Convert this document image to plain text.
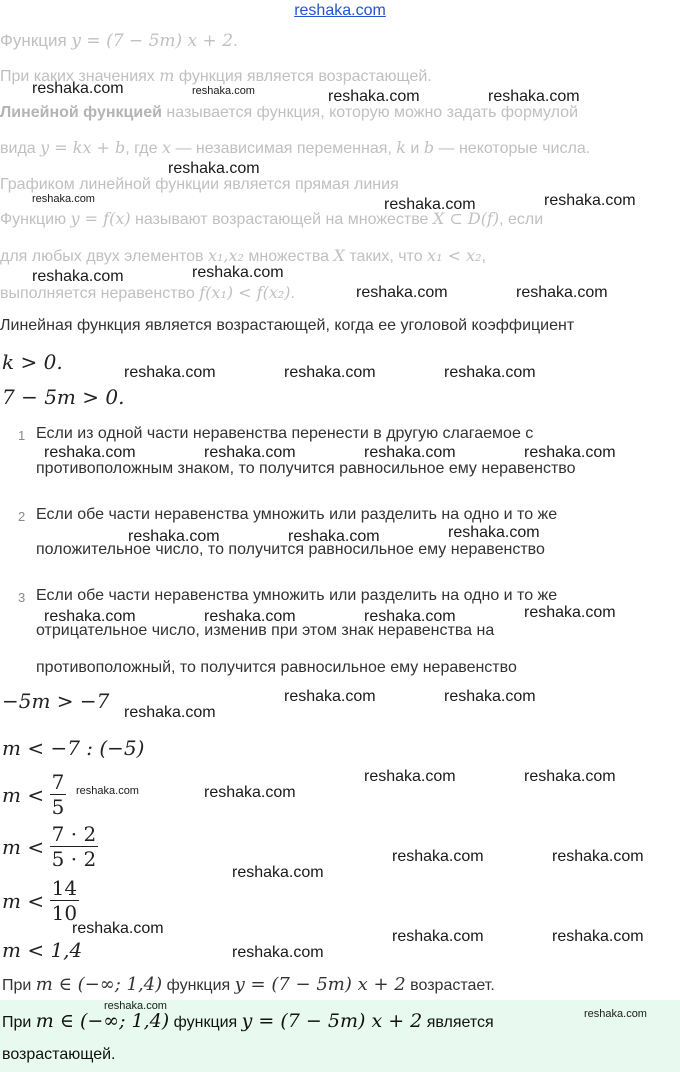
reshaka.com
Функция y = (7 − 5m) x + 2.
При каких значениях m функция является возрастающей.
Линейной функцией называется функция, которую можно задать формулой
вида y = kx + b, где x — независимая переменная, k и b — некоторые числа.
Графиком линейной функции является прямая линия
Функцию y = f(x) называют возрастающей на множестве X ⊂ D(f), если
для любых двух элементов x₁,x₂ множества X таких, что x₁ < x₂,
выполняется неравенство f(x₁) < f(x₂).
Линейная функция является возрастающей, когда ее уголовой коэффициент
k > 0.
7 − 5m > 0.
1 Если из одной части неравенства перенести в другую слагаемое с
противоположным знаком, то получится равносильное ему неравенство
2 Если обе части неравенства умножить или разделить на одно и то же
положительное число, то получится равносильное ему неравенство
3 Если обе части неравенства умножить или разделить на одно и то же
отрицательное число, изменив при этом знак неравенства на
противоположный, то получится равносильное ему неравенство
−5m > −7
m < −7 : (−5)
$m < \frac{7}{5}$
$m < \frac{7 \cdot 2}{5 \cdot 2}$
$m < \frac{14}{10}$
m < 1,4
При m ∈ (−∞; 1,4) функция y = (7 − 5m) x + 2 возрастает.
При m ∈ (−∞; 1,4) функция y = (7 − 5m) x + 2 является
возрастающей.
reshaka.com	reshaka.com	reshaka.com	reshaka.com
reshaka.com
reshaka.com	reshaka.com	reshaka.com
reshaka.com	reshaka.com
reshaka.com	reshaka.com
reshaka.com	reshaka.com	reshaka.com
reshaka.com	reshaka.com	reshaka.com	reshaka.com
reshaka.com	reshaka.com	reshaka.com
reshaka.com	reshaka.com	reshaka.com	reshaka.com
reshaka.com	reshaka.com
reshaka.com
reshaka.com	reshaka.com
reshaka.com	reshaka.com
reshaka.com	reshaka.com
reshaka.com
reshaka.com	reshaka.com	reshaka.com
reshaka.com
reshaka.com
reshaka.com
